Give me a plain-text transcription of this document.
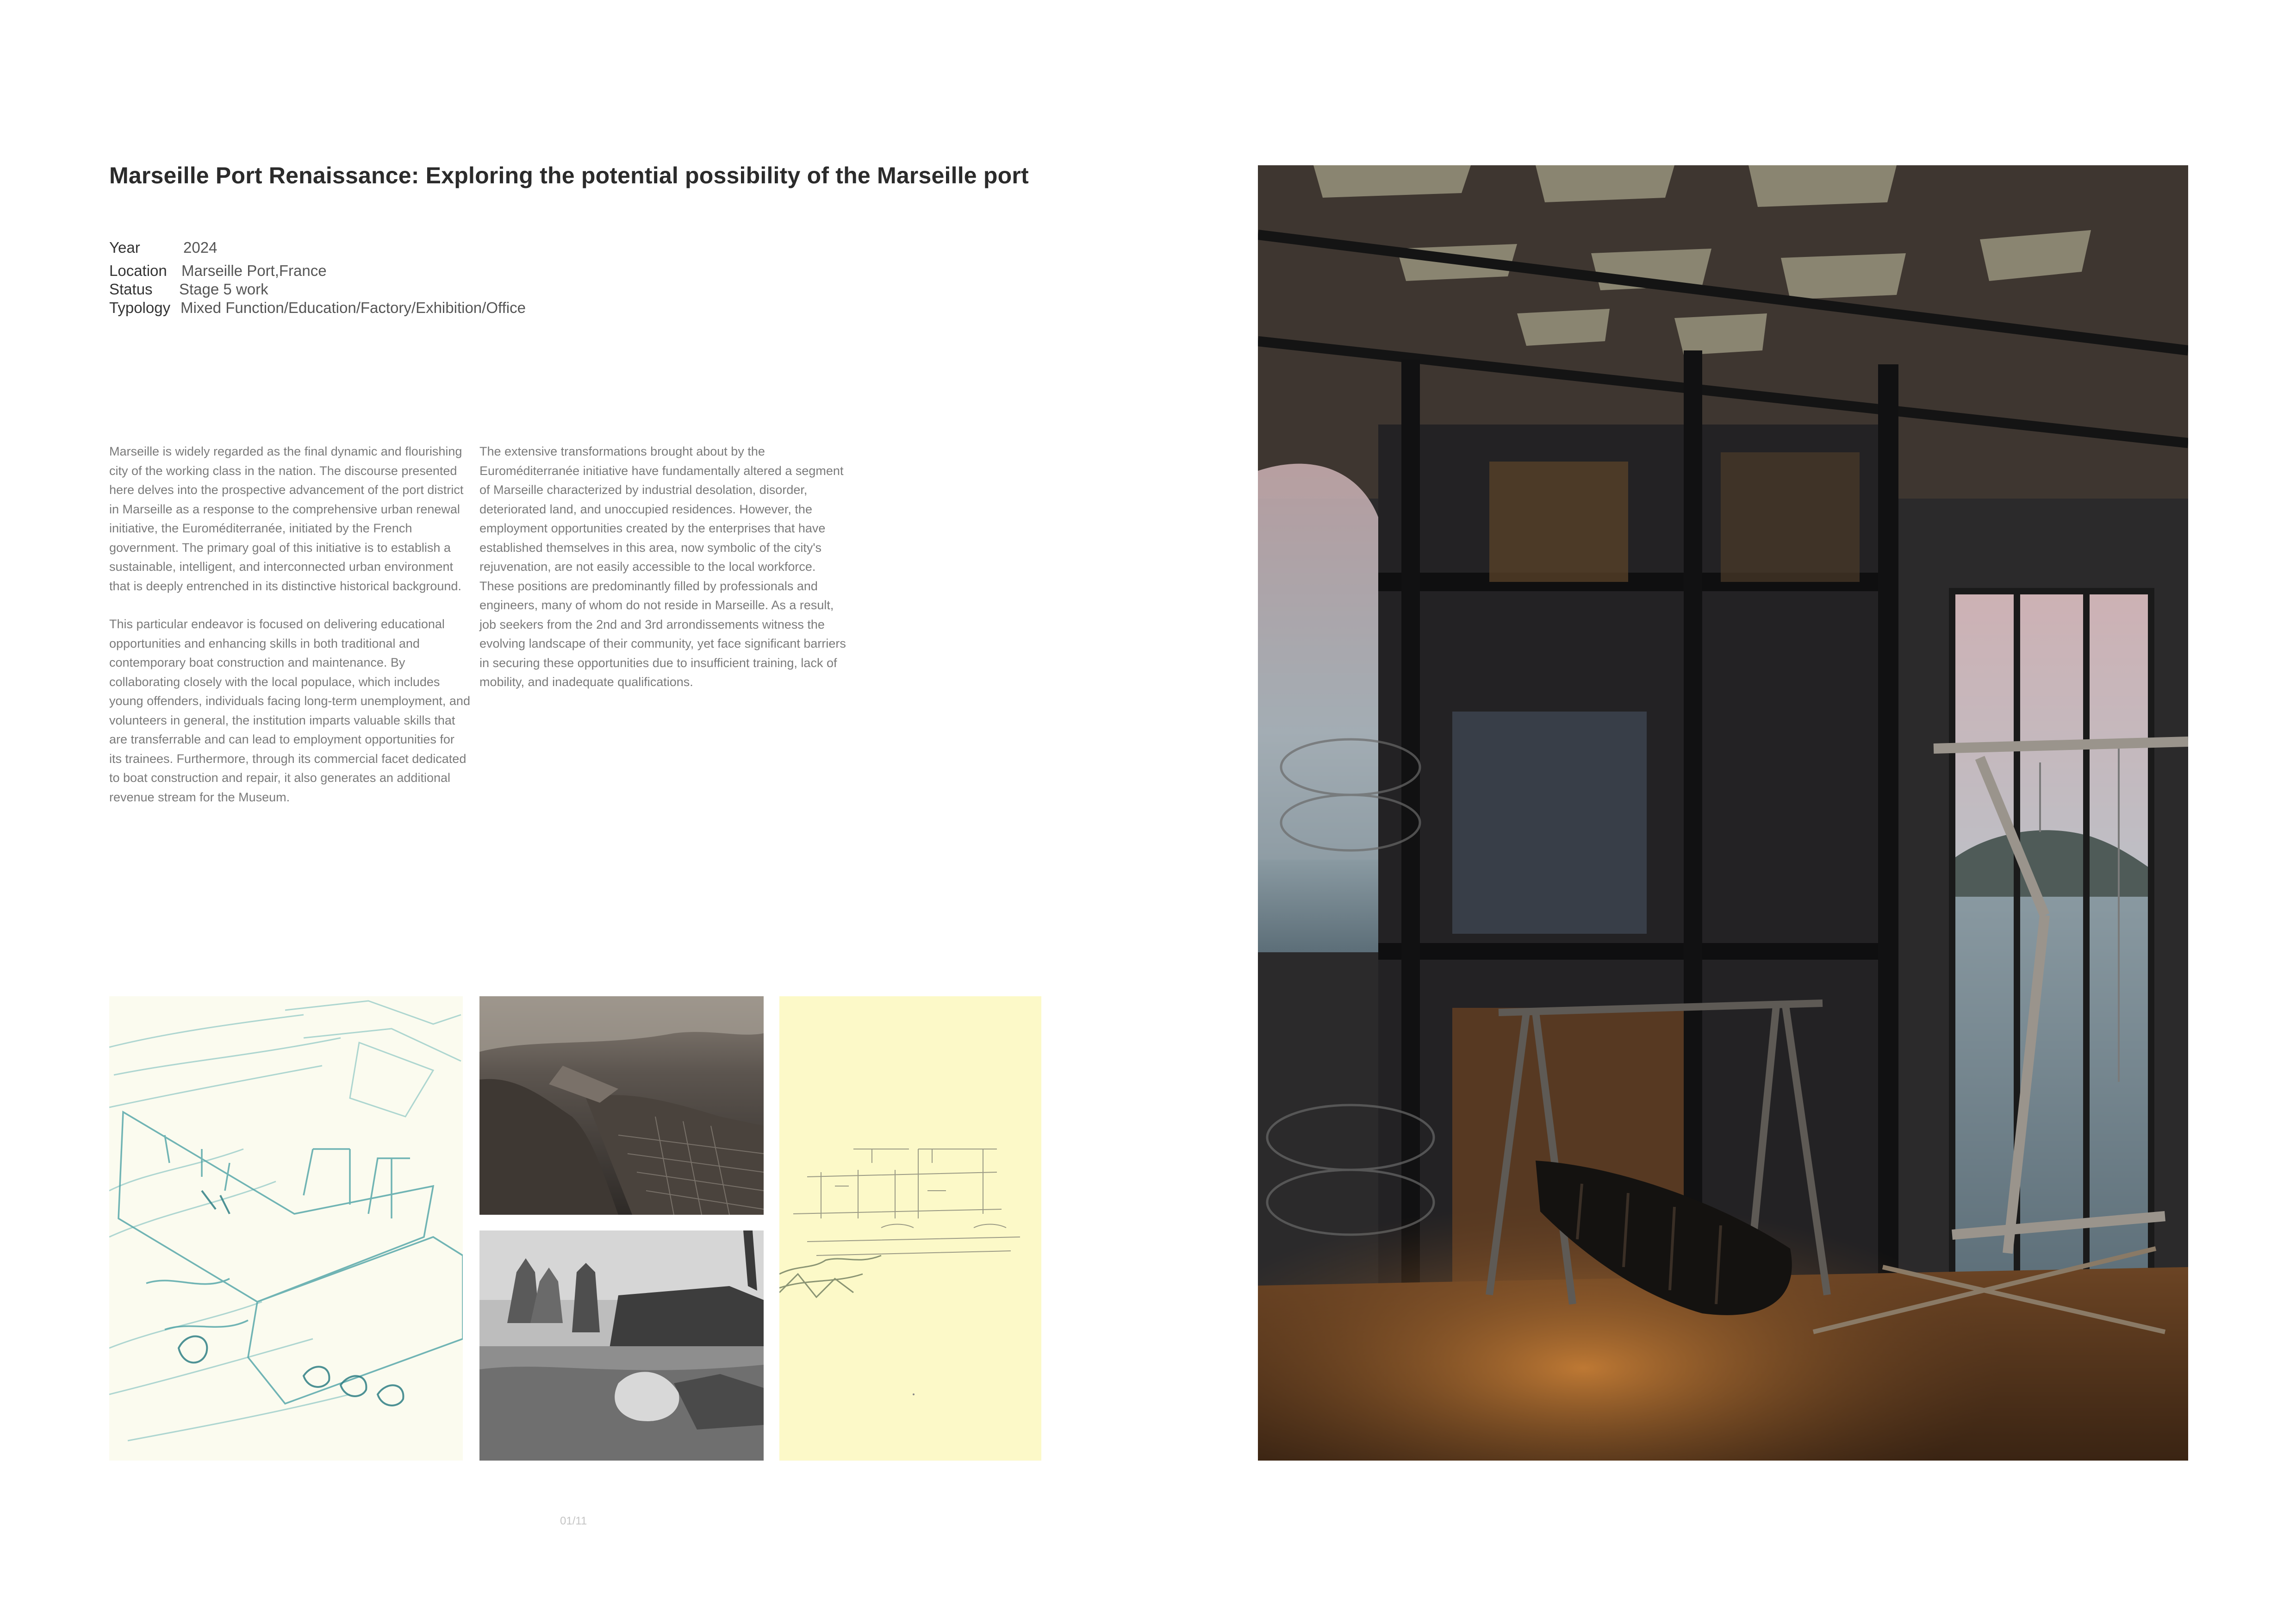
Marseille Port Renaissance: Exploring the potential possibility of the Marseille port
Year	2024
Location Marseille Port,France
Status Stage 5 work
Typology Mixed Function/Education/Factory/Exhibition/Office

Marseille is widely regarded as the final dynamic and flourishing city of the working class in the nation. The discourse presented here delves into the prospective advancement of the port district in Marseille as a response to the comprehensive urban renewal initiative, the Euroméditerranée, initiated by the French government. The primary goal of this initiative is to establish a sustainable, intelligent, and interconnected urban environment that is deeply entrenched in its distinctive historical background.

This particular endeavor is focused on delivering educational opportunities and enhancing skills in both traditional and contemporary boat construction and maintenance. By collaborating closely with the local populace, which includes young offenders, individuals facing long-term unemployment, and volunteers in general, the institution imparts valuable skills that are transferrable and can lead to employment opportunities for its trainees. Furthermore, through its commercial facet dedicated to boat construction and repair, it also generates an additional revenue stream for the Museum.

The extensive transformations brought about by the Euroméditerranée initiative have fundamentally altered a segment of Marseille characterized by industrial desolation, disorder, deteriorated land, and unoccupied residences. However, the employment opportunities created by the enterprises that have established themselves in this area, now symbolic of the city's rejuvenation, are not easily accessible to the local workforce. These positions are predominantly filled by professionals and engineers, many of whom do not reside in Marseille. As a result, job seekers from the 2nd and 3rd arrondissements witness the evolving landscape of their community, yet face significant barriers in securing these opportunities due to insufficient training, lack of mobility, and inadequate qualifications.

01/11
